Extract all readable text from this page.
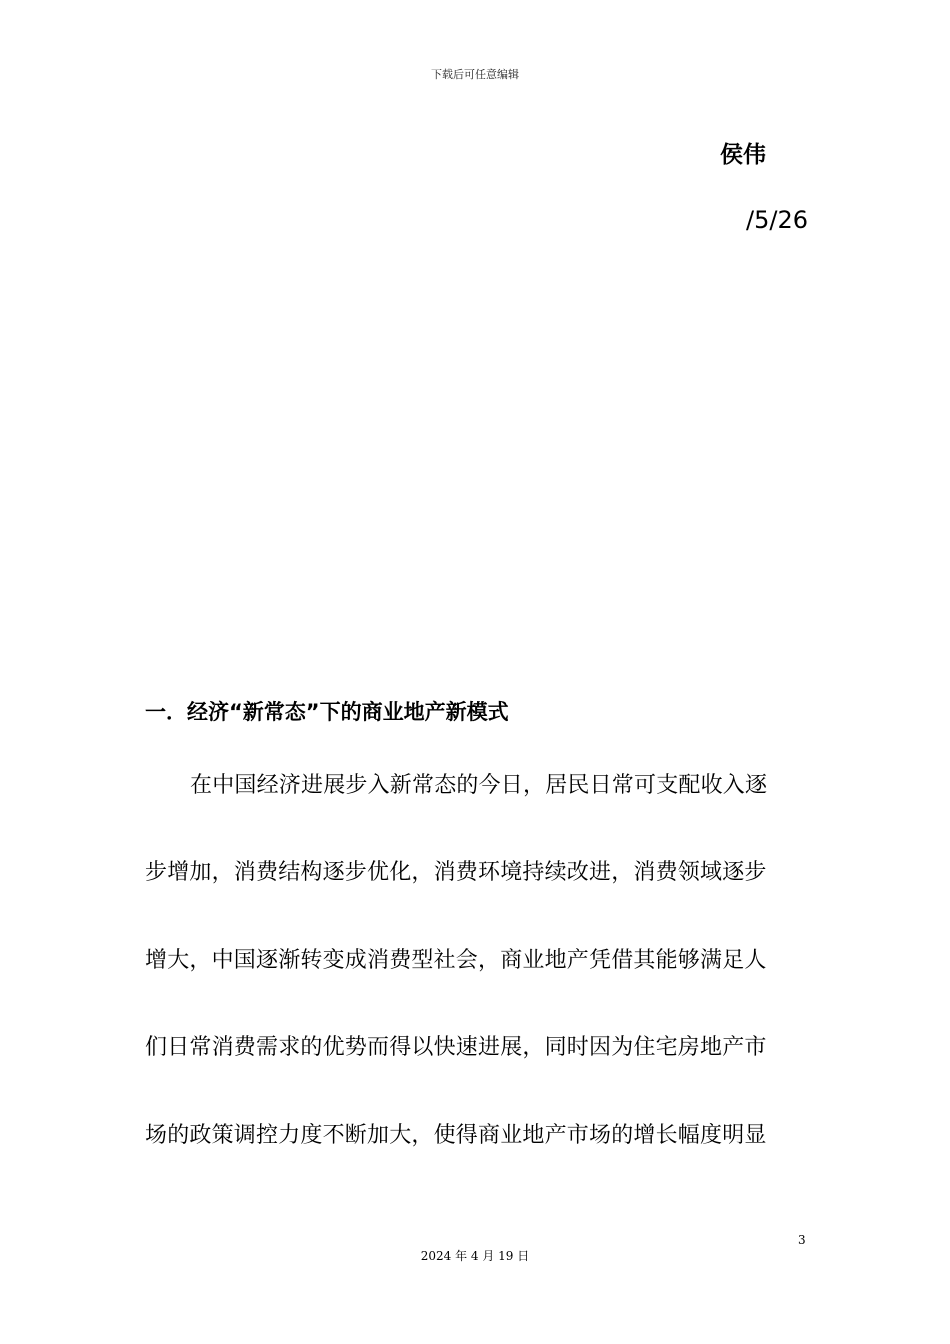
下载后可任意编辑
侯伟
/5/26
一．经济“新常态”下的商业地产新模式
在中国经济进展步入新常态的今日，居民日常可支配收入逐
步增加，消费结构逐步优化，消费环境持续改进，消费领域逐步
增大，中国逐渐转变成消费型社会，商业地产凭借其能够满足人
们日常消费需求的优势而得以快速进展，同时因为住宅房地产市
场的政策调控力度不断加大，使得商业地产市场的增长幅度明显
3
2024 年 4 月 19 日
